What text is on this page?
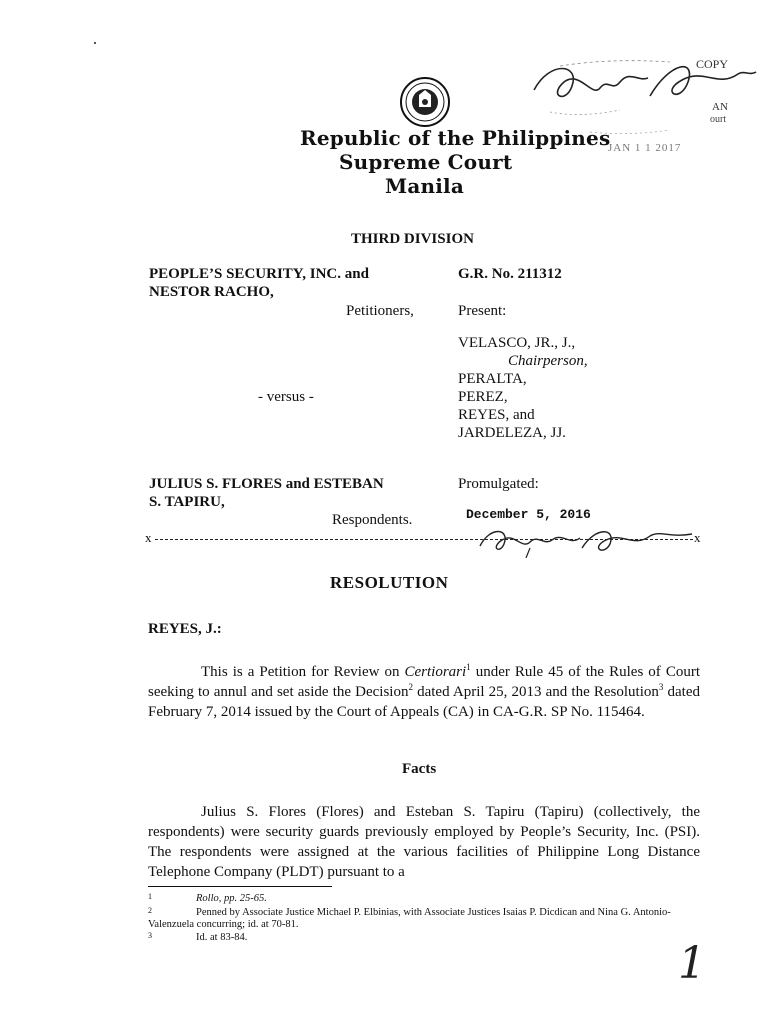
COPY
AN
ourt
JAN 1 1 2017
Republic of the Philippines
Supreme Court
Manila
THIRD DIVISION
PEOPLE’S SECURITY, INC. and
NESTOR RACHO,
Petitioners,
- versus -
JULIUS S. FLORES and ESTEBAN
S. TAPIRU,
Respondents.
G.R. No. 211312
Present:
VELASCO, JR., J.,
Chairperson,
PERALTA,
PEREZ,
REYES, and
JARDELEZA, JJ.
Promulgated:
December 5, 2016
x	x
RESOLUTION
REYES, J.:
This is a Petition for Review on Certiorari$^1$ under Rule 45 of the Rules of Court seeking to annul and set aside the Decision$^2$ dated April 25, 2013 and the Resolution$^3$ dated February 7, 2014 issued by the Court of Appeals (CA) in CA-G.R. SP No. 115464.
Facts
Julius S. Flores (Flores) and Esteban S. Tapiru (Tapiru) (collectively, the respondents) were security guards previously employed by People’s Security, Inc. (PSI). The respondents were assigned at the various facilities of Philippine Long Distance Telephone Company (PLDT) pursuant to a
1	Rollo, pp. 25-65.
2	Penned by Associate Justice Michael P. Elbinias, with Associate Justices Isaias P. Dicdican and Nina G. Antonio-Valenzuela concurring; id. at 70-81.
3	Id. at 83-84.
1
